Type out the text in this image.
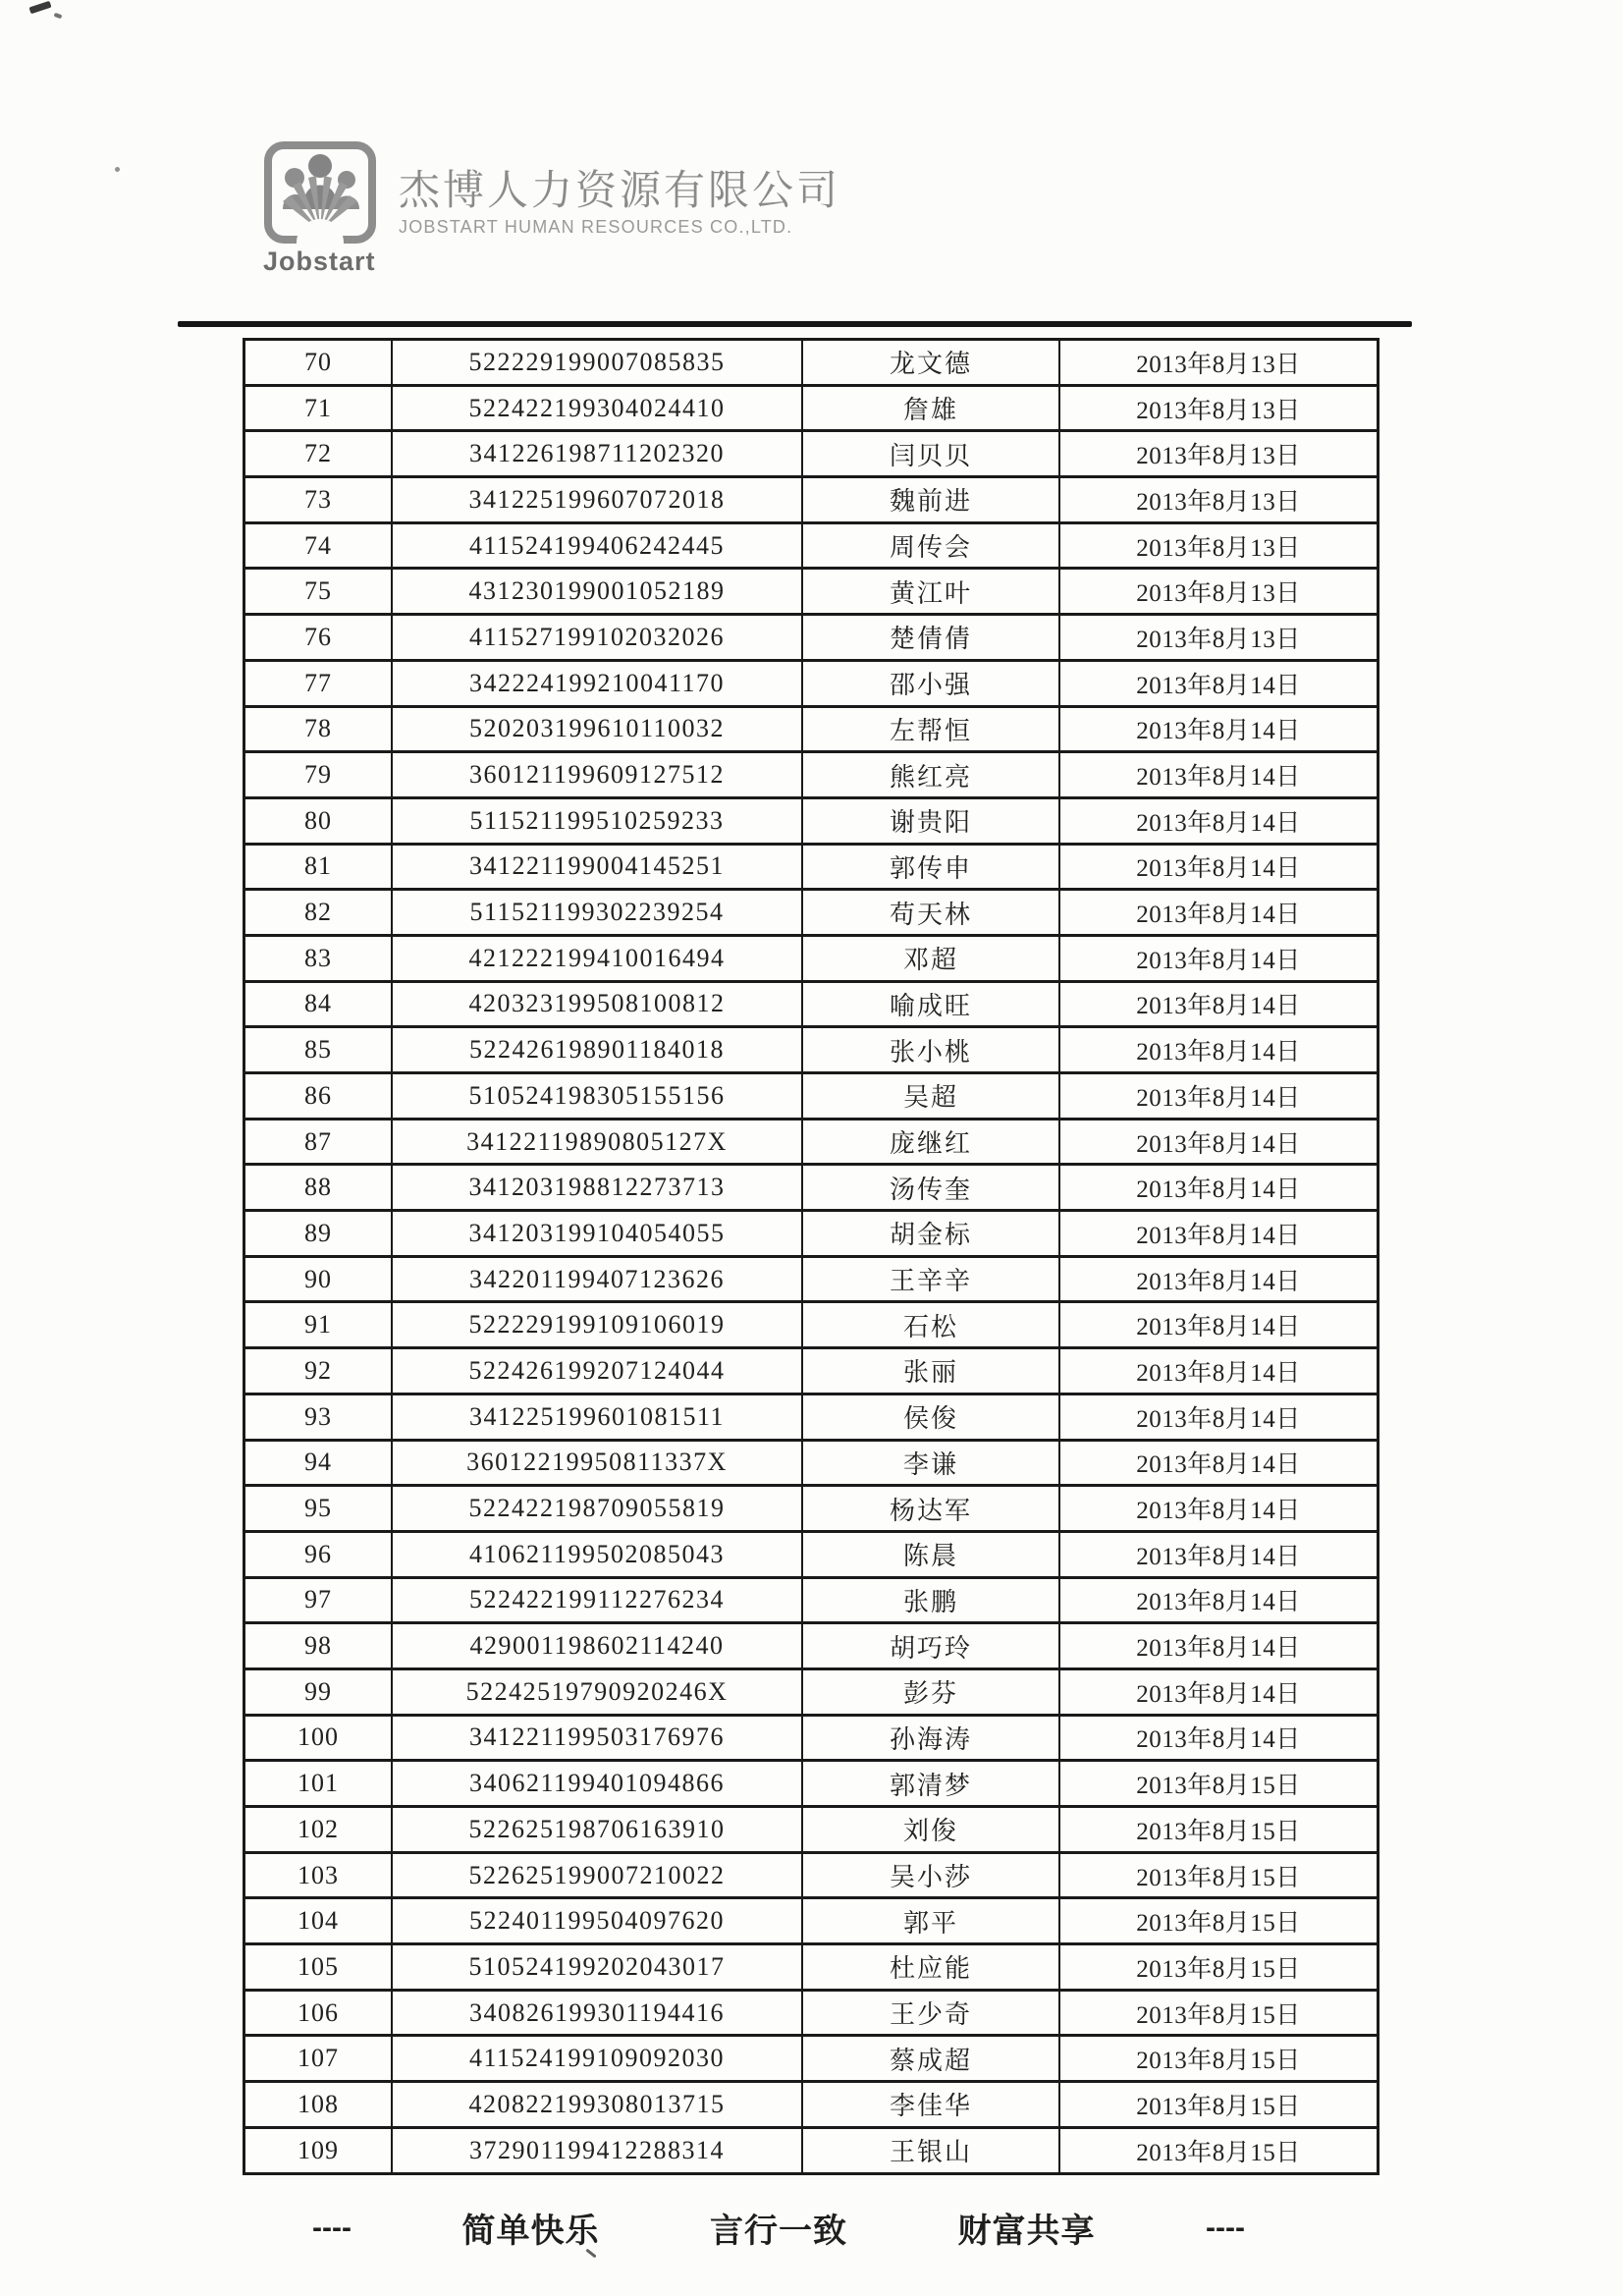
Jobstart
杰博人力资源有限公司
JOBSTART HUMAN RESOURCES CO.,LTD.
70	522229199007085835	龙文德	2013年8月13日
71	522422199304024410	詹雄	2013年8月13日
72	341226198711202320	闫贝贝	2013年8月13日
73	341225199607072018	魏前进	2013年8月13日
74	411524199406242445	周传会	2013年8月13日
75	431230199001052189	黄江叶	2013年8月13日
76	411527199102032026	楚倩倩	2013年8月13日
77	342224199210041170	邵小强	2013年8月14日
78	520203199610110032	左帮恒	2013年8月14日
79	360121199609127512	熊红亮	2013年8月14日
80	511521199510259233	谢贵阳	2013年8月14日
81	341221199004145251	郭传申	2013年8月14日
82	511521199302239254	苟天林	2013年8月14日
83	421222199410016494	邓超	2013年8月14日
84	420323199508100812	喻成旺	2013年8月14日
85	522426198901184018	张小桃	2013年8月14日
86	510524198305155156	吴超	2013年8月14日
87	34122119890805127X	庞继红	2013年8月14日
88	341203198812273713	汤传奎	2013年8月14日
89	341203199104054055	胡金标	2013年8月14日
90	342201199407123626	王辛辛	2013年8月14日
91	522229199109106019	石松	2013年8月14日
92	522426199207124044	张丽	2013年8月14日
93	341225199601081511	侯俊	2013年8月14日
94	36012219950811337X	李谦	2013年8月14日
95	522422198709055819	杨达军	2013年8月14日
96	410621199502085043	陈晨	2013年8月14日
97	522422199112276234	张鹏	2013年8月14日
98	429001198602114240	胡巧玲	2013年8月14日
99	52242519790920246X	彭芬	2013年8月14日
100	341221199503176976	孙海涛	2013年8月14日
101	340621199401094866	郭清梦	2013年8月15日
102	522625198706163910	刘俊	2013年8月15日
103	522625199007210022	吴小莎	2013年8月15日
104	522401199504097620	郭平	2013年8月15日
105	510524199202043017	杜应能	2013年8月15日
106	340826199301194416	王少奇	2013年8月15日
107	411524199109092030	蔡成超	2013年8月15日
108	420822199308013715	李佳华	2013年8月15日
109	372901199412288314	王银山	2013年8月15日
----	简单快乐	言行一致	财富共享	----
